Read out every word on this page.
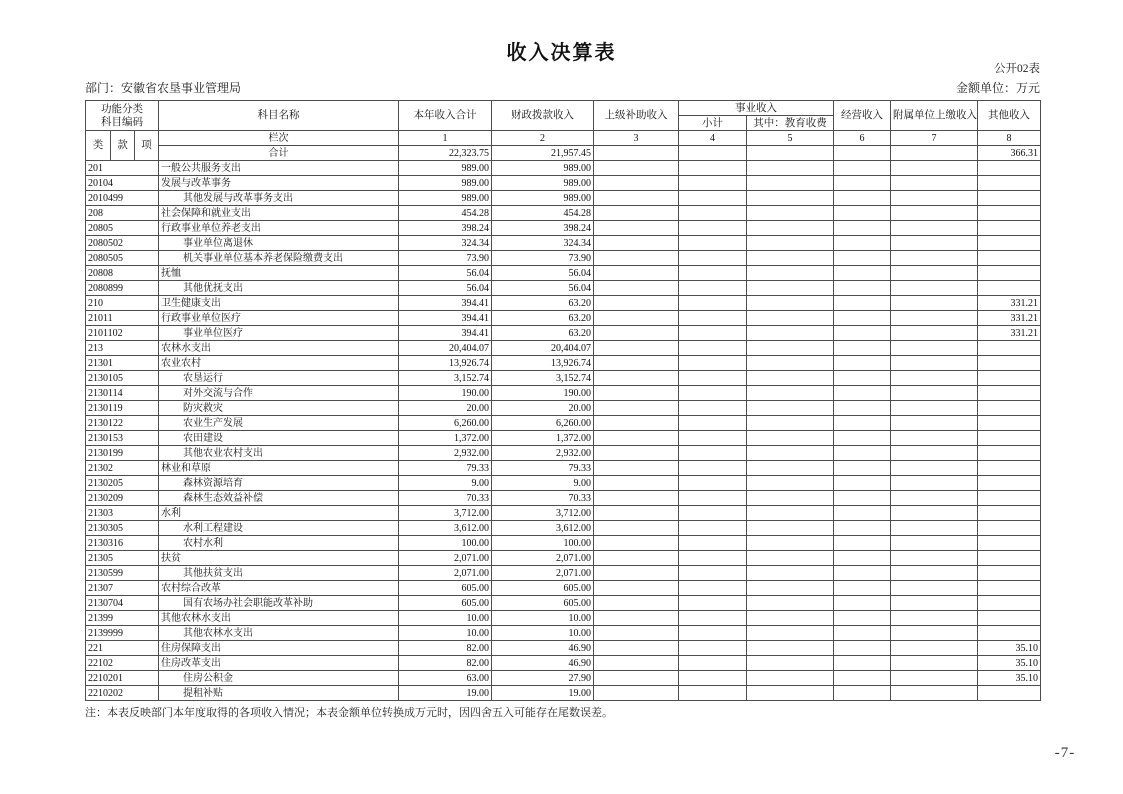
收入决算表
公开02表
部门：安徽省农垦事业管理局	金额单位：万元
功能分类
科目编码			科目名称	本年收入合计	财政拨款收入	上级补助收入	事业收入		经营收入	附属单位上缴收入	其他收入
							小计	其中：教育收费			
类	款	项	栏次	1	2	3	4	5	6	7	8
			合计	22,323.75	21,957.45						366.31
201			一般公共服务支出	989.00	989.00						
20104			发展与改革事务	989.00	989.00						
2010499			其他发展与改革事务支出	989.00	989.00						
208			社会保障和就业支出	454.28	454.28						
20805			行政事业单位养老支出	398.24	398.24						
2080502			事业单位离退休	324.34	324.34						
2080505			机关事业单位基本养老保险缴费支出	73.90	73.90						
20808			抚恤	56.04	56.04						
2080899			其他优抚支出	56.04	56.04						
210			卫生健康支出	394.41	63.20						331.21
21011			行政事业单位医疗	394.41	63.20						331.21
2101102			事业单位医疗	394.41	63.20						331.21
213			农林水支出	20,404.07	20,404.07						
21301			农业农村	13,926.74	13,926.74						
2130105			农垦运行	3,152.74	3,152.74						
2130114			对外交流与合作	190.00	190.00						
2130119			防灾救灾	20.00	20.00						
2130122			农业生产发展	6,260.00	6,260.00						
2130153			农田建设	1,372.00	1,372.00						
2130199			其他农业农村支出	2,932.00	2,932.00						
21302			林业和草原	79.33	79.33						
2130205			森林资源培育	9.00	9.00						
2130209			森林生态效益补偿	70.33	70.33						
21303			水利	3,712.00	3,712.00						
2130305			水利工程建设	3,612.00	3,612.00						
2130316			农村水利	100.00	100.00						
21305			扶贫	2,071.00	2,071.00						
2130599			其他扶贫支出	2,071.00	2,071.00						
21307			农村综合改革	605.00	605.00						
2130704			国有农场办社会职能改革补助	605.00	605.00						
21399			其他农林水支出	10.00	10.00						
2139999			其他农林水支出	10.00	10.00						
221			住房保障支出	82.00	46.90						35.10
22102			住房改革支出	82.00	46.90						35.10
2210201			住房公积金	63.00	27.90						35.10
2210202			提租补贴	19.00	19.00						
注：本表反映部门本年度取得的各项收入情况；本表金额单位转换成万元时，因四舍五入可能存在尾数误差。
-7-
